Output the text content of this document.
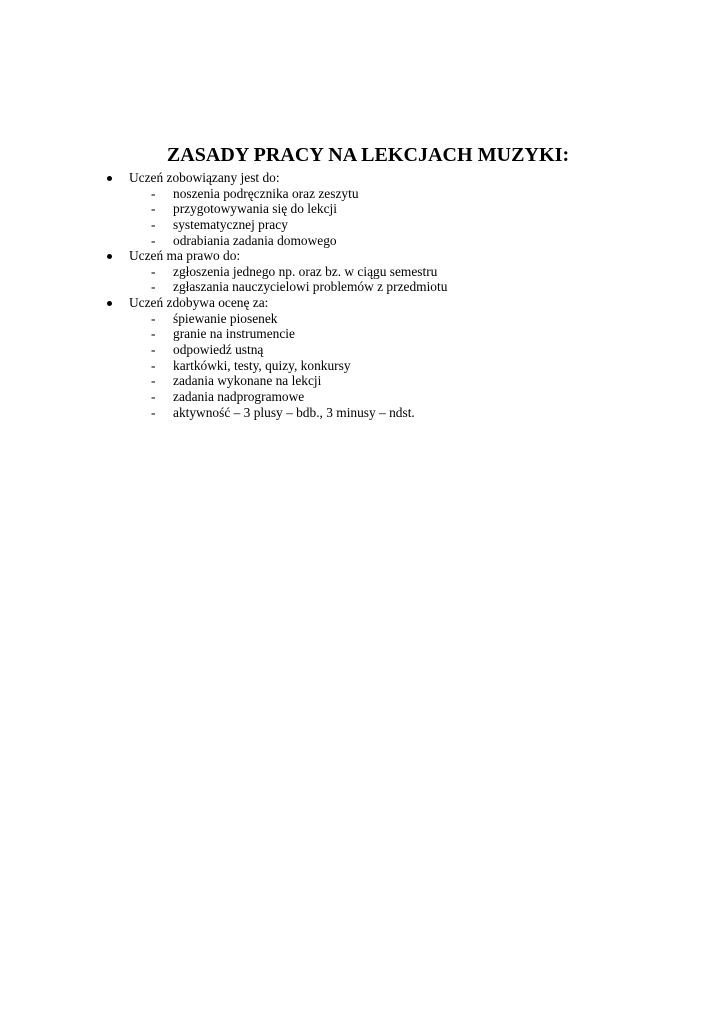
ZASADY PRACY NA LEKCJACH MUZYKI:
Uczeń zobowiązany jest do:
- noszenia podręcznika oraz zeszytu
- przygotowywania się do lekcji
- systematycznej pracy
- odrabiania zadania domowego
Uczeń ma prawo do:
- zgłoszenia jednego np. oraz bz. w ciągu semestru
- zgłaszania nauczycielowi problemów z przedmiotu
Uczeń zdobywa ocenę za:
- śpiewanie piosenek
- granie na instrumencie
- odpowiedź ustną
- kartkówki, testy, quizy, konkursy
- zadania wykonane na lekcji
- zadania nadprogramowe
- aktywność – 3 plusy – bdb., 3 minusy – ndst.
